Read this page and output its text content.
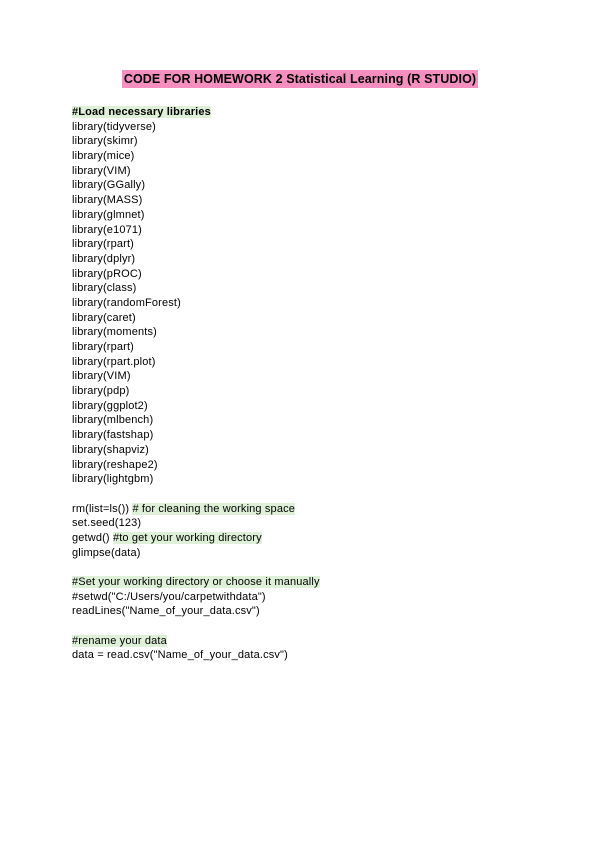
CODE FOR HOMEWORK 2 Statistical Learning (R STUDIO)
#Load necessary libraries
library(tidyverse)
library(skimr)
library(mice)
library(VIM)
library(GGally)
library(MASS)
library(glmnet)
library(e1071)
library(rpart)
library(dplyr)
library(pROC)
library(class)
library(randomForest)
library(caret)
library(moments)
library(rpart)
library(rpart.plot)
library(VIM)
library(pdp)
library(ggplot2)
library(mlbench)
library(fastshap)
library(shapviz)
library(reshape2)
library(lightgbm)
rm(list=ls()) # for cleaning the working space
set.seed(123)
getwd() #to get your working directory
glimpse(data)
#Set your working directory or choose it manually
#setwd("C:/Users/you/carpetwithdata")
readLines("Name_of_your_data.csv")
#rename your data
data = read.csv("Name_of_your_data.csv")
